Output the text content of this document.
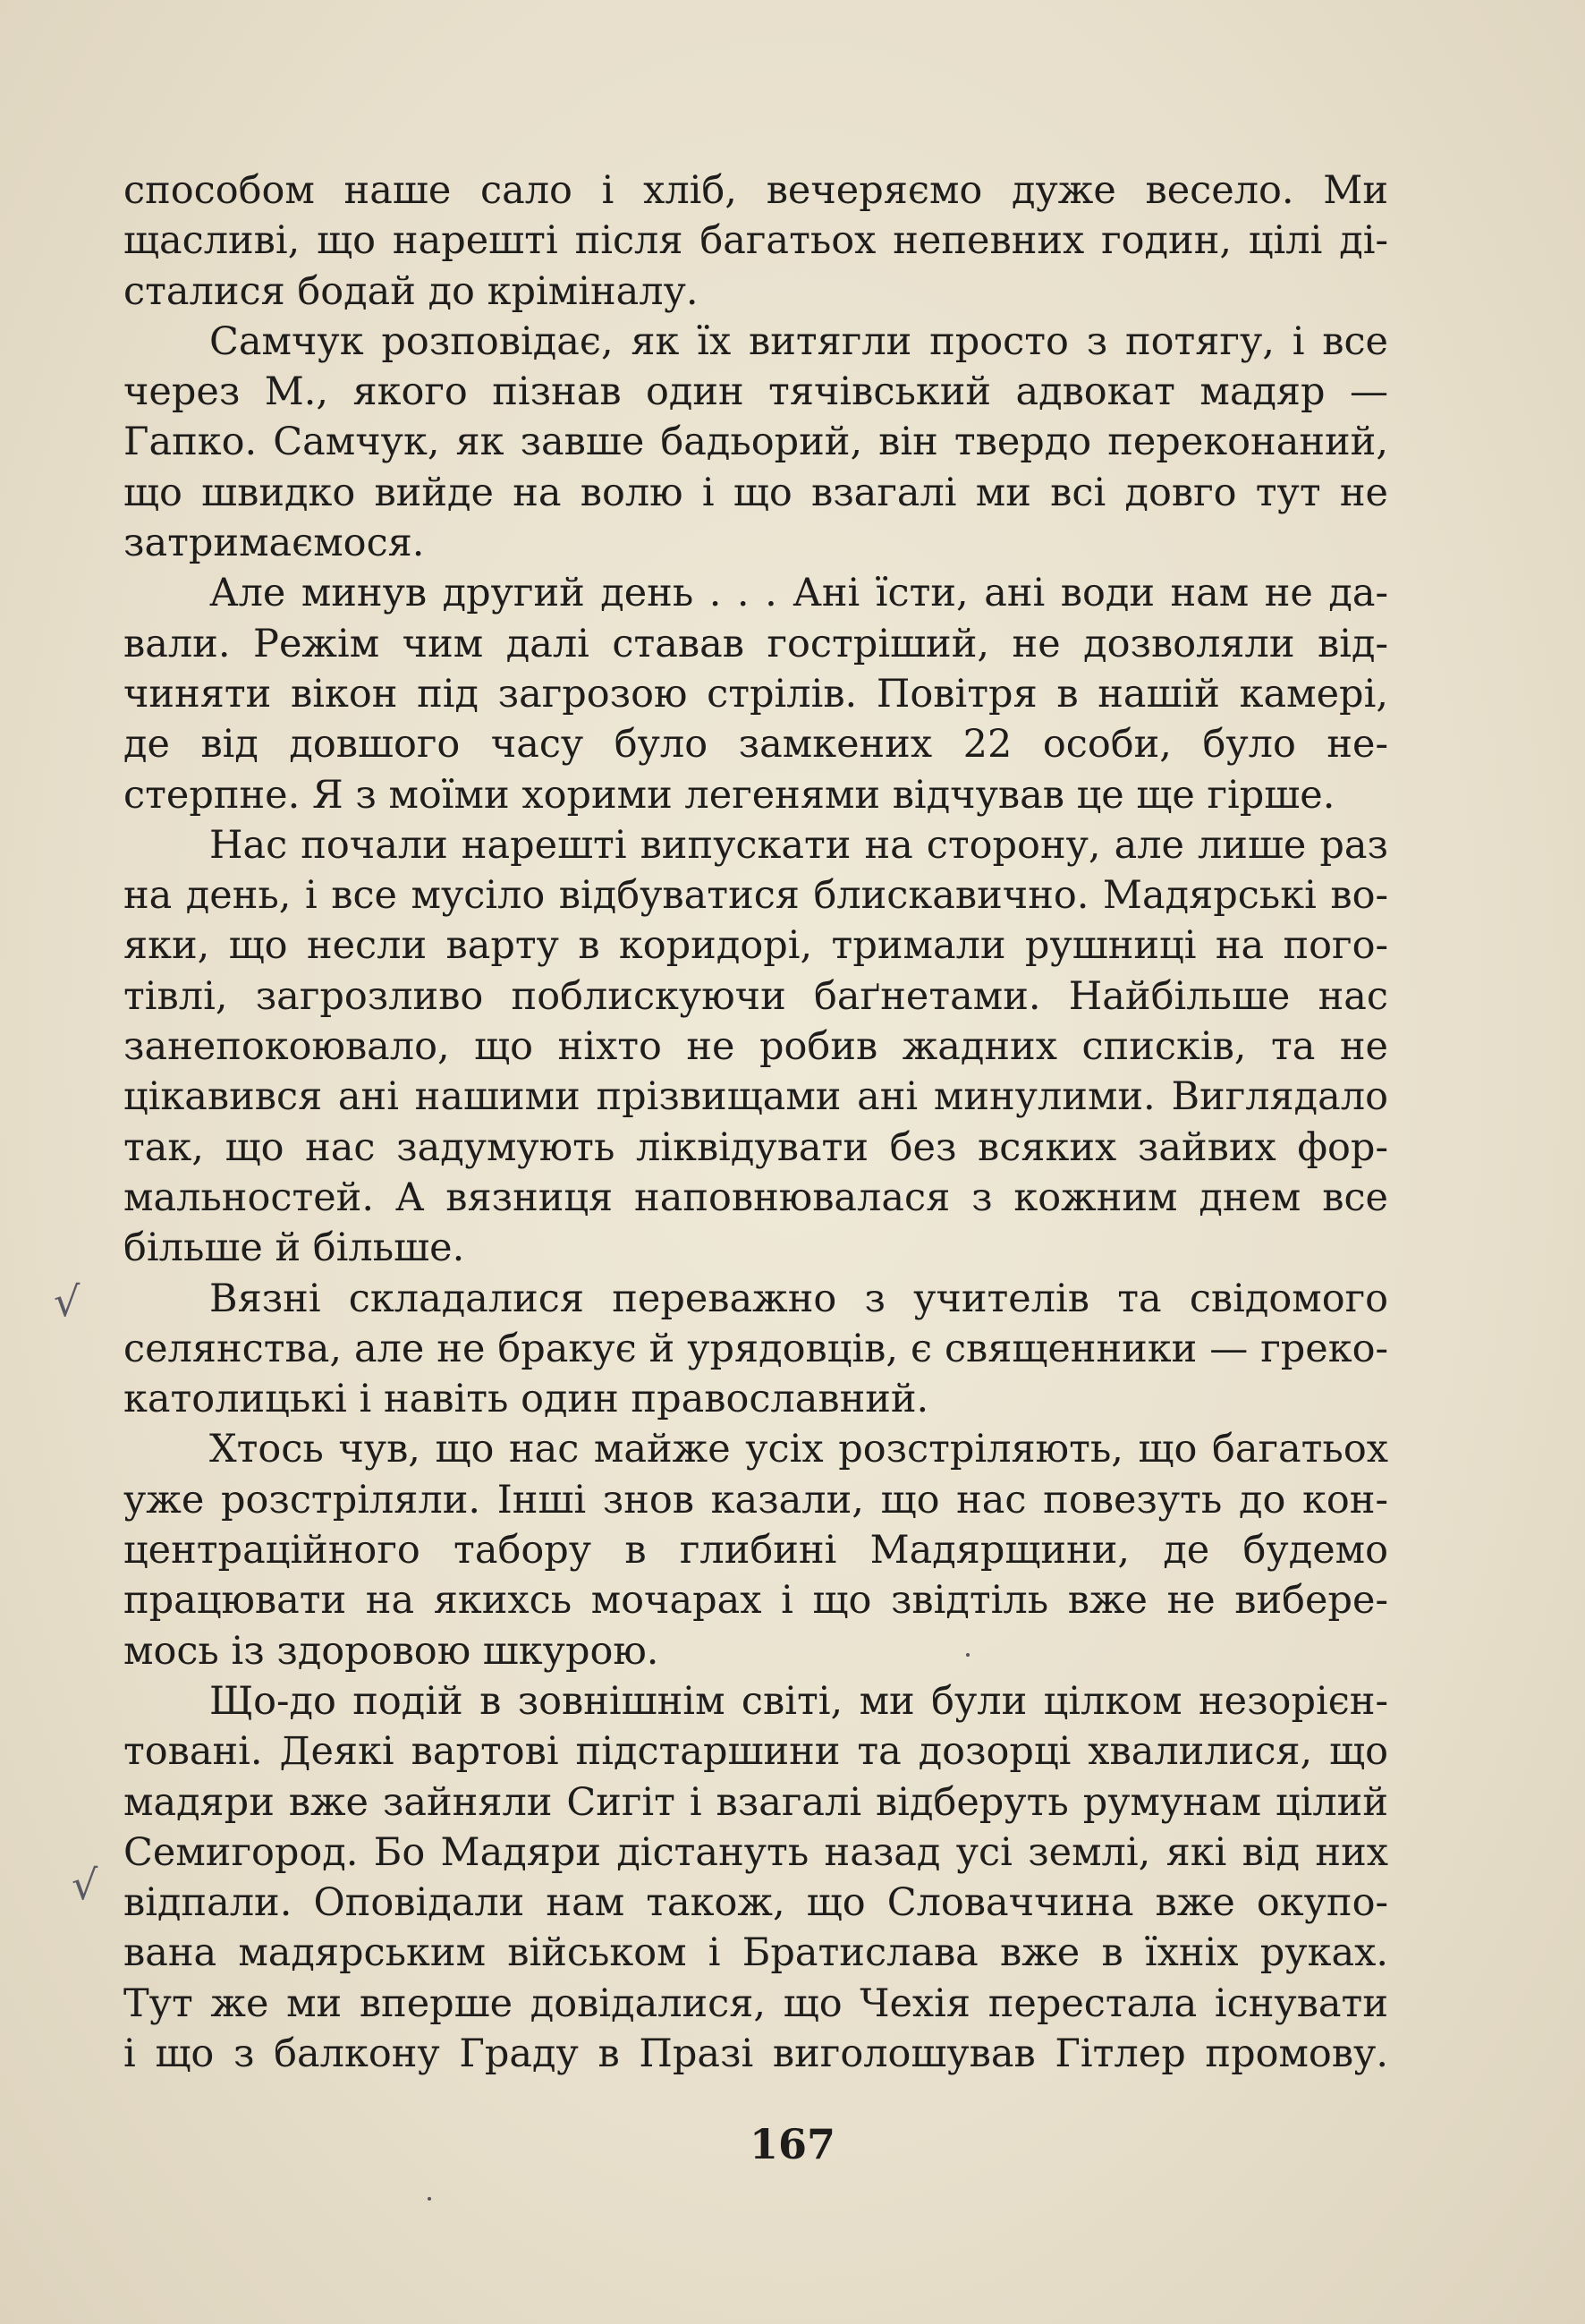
способом наше сало і хліб, вечеряємо дуже весело. Ми
щасливі, що нарешті після багатьох непевних годин, цілі ді-
сталися бодай до кріміналу.
Самчук розповідає, як їх витягли просто з потягу, і все
через М., якого пізнав один тячівський адвокат мадяр —
Гапко. Самчук, як завше бадьорий, він твердо переконаний,
що швидко вийде на волю і що взагалі ми всі довго тут не
затримаємося.
Але минув другий день . . . Ані їсти, ані води нам не да-
вали. Режім чим далі ставав гостріший, не дозволяли від-
чиняти вікон під загрозою стрілів. Повітря в нашій камері,
де від довшого часу було замкених 22 особи, було не-
стерпне. Я з моїми хорими легенями відчував це ще гірше.
Нас почали нарешті випускати на сторону, але лише раз
на день, і все мусіло відбуватися блискавично. Мадярські во-
яки, що несли варту в коридорі, тримали рушниці на пого-
тівлі, загрозливо поблискуючи баґнетами. Найбільше нас
занепокоювало, що ніхто не робив жадних списків, та не
цікавився ані нашими прізвищами ані минулими. Виглядало
так, що нас задумують ліквідувати без всяких зайвих фор-
мальностей. А вязниця наповнювалася з кожним днем все
більше й більше.
Вязні складалися переважно з учителів та свідомого
селянства, але не бракує й урядовців, є священники — греко-
католицькі і навіть один православний.
Хтось чув, що нас майже усіх розстріляють, що багатьох
уже розстріляли. Інші знов казали, що нас повезуть до кон-
центраційного табору в глибині Мадярщини, де будемо
працювати на якихсь мочарах і що звідтіль вже не вибере-
мось із здоровою шкурою.
Що-до подій в зовнішнім світі, ми були цілком незорієн-
товані. Деякі вартові підстаршини та дозорці хвалилися, що
мадяри вже зайняли Сигіт і взагалі відберуть румунам цілий
Семигород. Бо Мадяри дістануть назад усі землі, які від них
відпали. Оповідали нам також, що Словаччина вже окупо-
вана мадярським військом і Братислава вже в їхніх руках.
Тут же ми вперше довідалися, що Чехія перестала існувати
і що з балкону Граду в Празі виголошував Гітлер промову.
√
√
167
